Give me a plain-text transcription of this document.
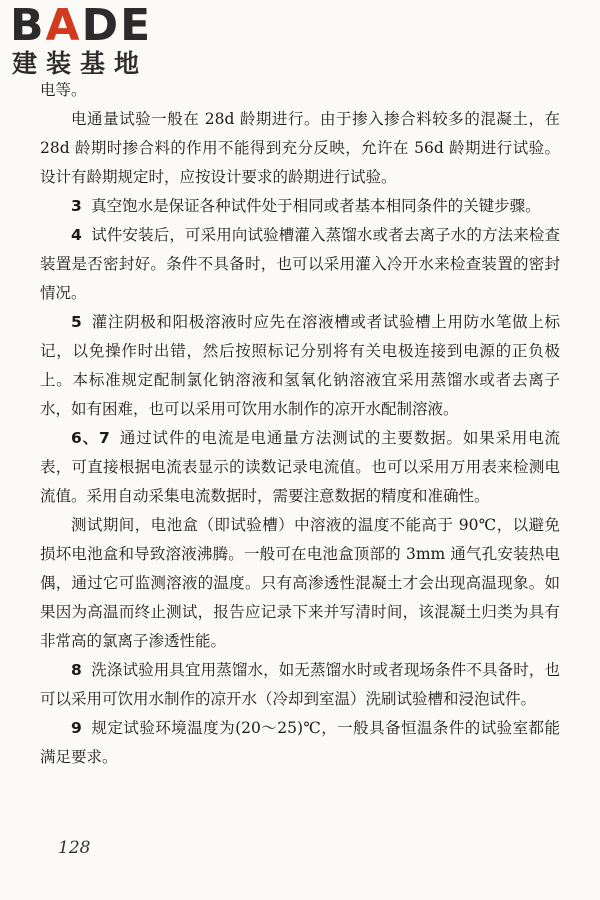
BADE
建装基地

电等。

电通量试验一般在 28d 龄期进行。由于掺入掺合料较多的混凝土，在 28d 龄期时掺合料的作用不能得到充分反映，允许在 56d 龄期进行试验。设计有龄期规定时，应按设计要求的龄期进行试验。

3 真空饱水是保证各种试件处于相同或者基本相同条件的关键步骤。

4 试件安装后，可采用向试验槽灌入蒸馏水或者去离子水的方法来检查装置是否密封好。条件不具备时，也可以采用灌入冷开水来检查装置的密封情况。

5 灌注阴极和阳极溶液时应先在溶液槽或者试验槽上用防水笔做上标记，以免操作时出错，然后按照标记分别将有关电极连接到电源的正负极上。本标准规定配制氯化钠溶液和氢氧化钠溶液宜采用蒸馏水或者去离子水，如有困难，也可以采用可饮用水制作的凉开水配制溶液。

6、7 通过试件的电流是电通量方法测试的主要数据。如果采用电流表，可直接根据电流表显示的读数记录电流值。也可以采用万用表来检测电流值。采用自动采集电流数据时，需要注意数据的精度和准确性。

测试期间，电池盒（即试验槽）中溶液的温度不能高于 90℃，以避免损坏电池盒和导致溶液沸腾。一般可在电池盒顶部的 3mm 通气孔安装热电偶，通过它可监测溶液的温度。只有高渗透性混凝土才会出现高温现象。如果因为高温而终止测试，报告应记录下来并写清时间，该混凝土归类为具有非常高的氯离子渗透性能。

8 洗涤试验用具宜用蒸馏水，如无蒸馏水时或者现场条件不具备时，也可以采用可饮用水制作的凉开水（冷却到室温）洗刷试验槽和浸泡试件。

9 规定试验环境温度为(20～25)℃，一般具备恒温条件的试验室都能满足要求。

128
